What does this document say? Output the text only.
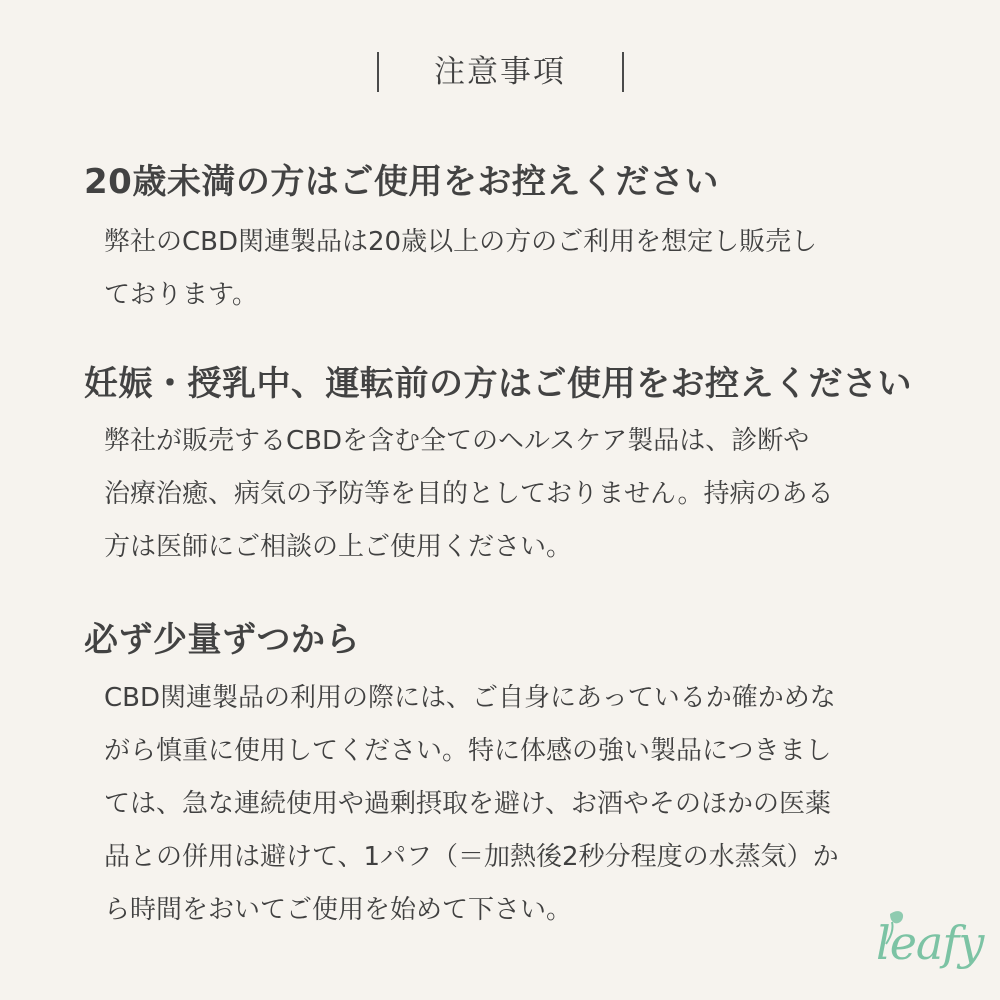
注意事項
20歳未満の方はご使用をお控えください
弊社のCBD関連製品は20歳以上の方のご利用を想定し販売し
ております。
妊娠・授乳中、運転前の方はご使用をお控えください
弊社が販売するCBDを含む全てのヘルスケア製品は、診断や
治療治癒、病気の予防等を目的としておりません。持病のある
方は医師にご相談の上ご使用ください。
必ず少量ずつから
CBD関連製品の利用の際には、ご自身にあっているか確かめな
がら慎重に使用してください。特に体感の強い製品につきまし
ては、急な連続使用や過剰摂取を避け、お酒やそのほかの医薬
品との併用は避けて、1パフ（＝加熱後2秒分程度の水蒸気）か
ら時間をおいてご使用を始めて下さい。
leafy
